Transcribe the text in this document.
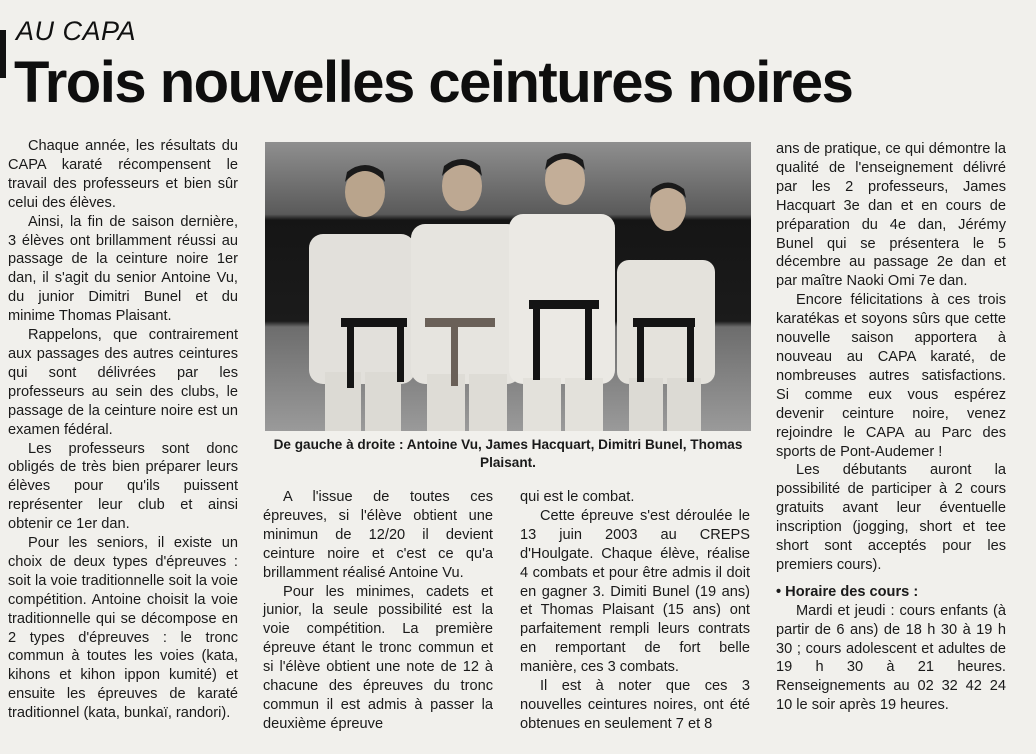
AU CAPA
Trois nouvelles ceintures noires

Chaque année, les résultats du CAPA karaté récompensent le travail des professeurs et bien sûr celui des élèves.

Ainsi, la fin de saison dernière, 3 élèves ont brillamment réussi au passage de la ceinture noire 1er dan, il s'agit du senior Antoine Vu, du junior Dimitri Bunel et du minime Thomas Plaisant.

Rappelons, que contrairement aux passages des autres ceintures qui sont délivrées par les professeurs au sein des clubs, le passage de la ceinture noire est un examen fédéral.

Les professeurs sont donc obligés de très bien préparer leurs élèves pour qu'ils puissent représenter leur club et ainsi obtenir ce 1er dan.

Pour les seniors, il existe un choix de deux types d'épreuves : soit la voie traditionnelle soit la voie compétition. Antoine choisit la voie traditionnelle qui se décompose en 2 types d'épreuves : le tronc commun à toutes les voies (kata, kihons et kihon ippon kumité) et ensuite les épreuves de karaté traditionnel (kata, bunkaï, randori).

De gauche à droite : Antoine Vu, James Hacquart, Dimitri Bunel, Thomas Plaisant.

A l'issue de toutes ces épreuves, si l'élève obtient une minimun de 12/20 il devient ceinture noire et c'est ce qu'a brillamment réalisé Antoine Vu.

Pour les minimes, cadets et junior, la seule possibilité est la voie compétition. La première épreuve étant le tronc commun et si l'élève obtient une note de 12 à chacune des épreuves du tronc commun il est admis à passer la deuxième épreuve

qui est le combat.

Cette épreuve s'est déroulée le 13 juin 2003 au CREPS d'Houlgate. Chaque élève, réalise 4 combats et pour être admis il doit en gagner 3. Dimiti Bunel (19 ans) et Thomas Plaisant (15 ans) ont parfaitement rempli leurs contrats en remportant de fort belle manière, ces 3 combats.

Il est à noter que ces 3 nouvelles ceintures noires, ont été obtenues en seulement 7 et 8

ans de pratique, ce qui démontre la qualité de l'enseignement délivré par les 2 professeurs, James Hacquart 3e dan et en cours de préparation du 4e dan, Jérémy Bunel qui se présentera le 5 décembre au passage 2e dan et par maître Naoki Omi 7e dan.

Encore félicitations à ces trois karatékas et soyons sûrs que cette nouvelle saison apportera à nouveau au CAPA karaté, de nombreuses autres satisfactions. Si comme eux vous espérez devenir ceinture noire, venez rejoindre le CAPA au Parc des sports de Pont-Audemer !

Les débutants auront la possibilité de participer à 2 cours gratuits avant leur éventuelle inscription (jogging, short et tee short sont acceptés pour les premiers cours).

• Horaire des cours :

Mardi et jeudi : cours enfants (à partir de 6 ans) de 18 h 30 à 19 h 30 ; cours adolescent et adultes de 19 h 30 à 21 heures. Renseignements au 02 32 42 24 10 le soir après 19 heures.
